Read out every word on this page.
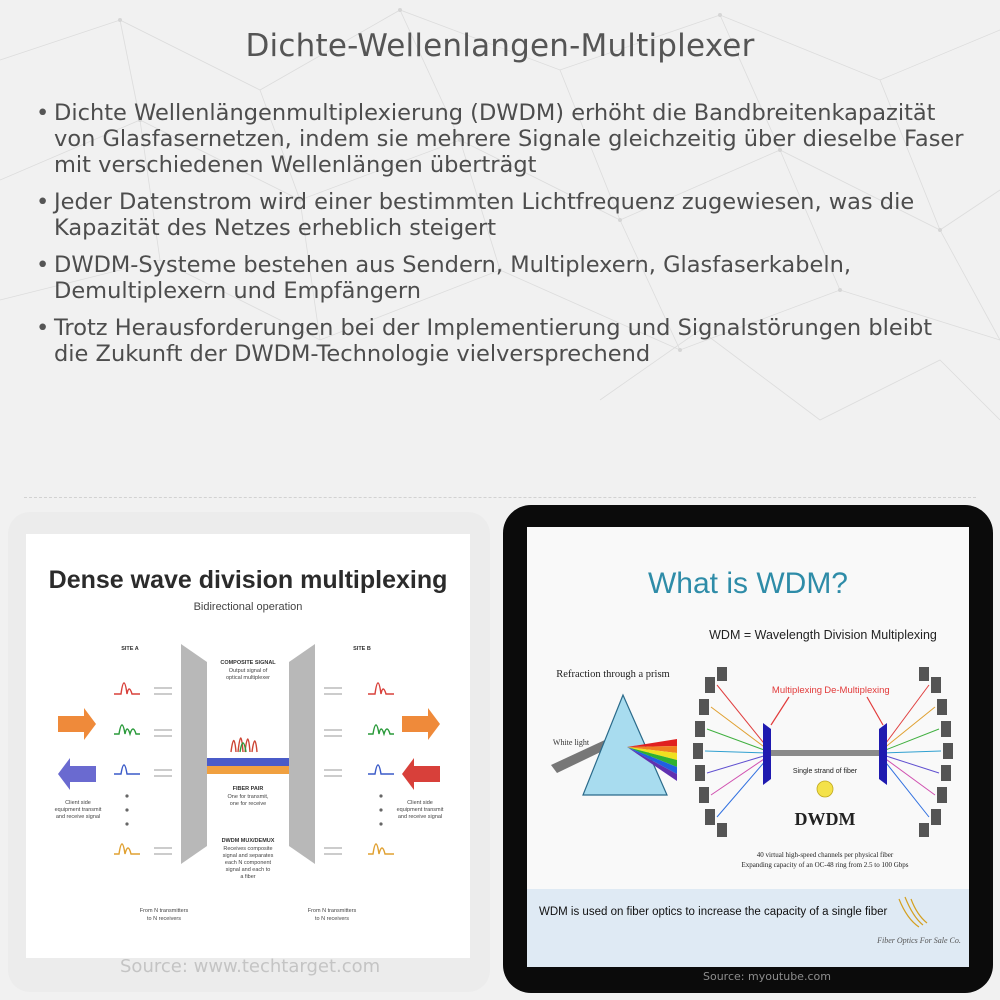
Dichte-Wellenlangen-Multiplexer
• Dichte Wellenlängenmultiplexierung (DWDM) erhöht die Bandbreitenkapazität von Glasfasernetzen, indem sie mehrere Signale gleichzeitig über dieselbe Faser mit verschiedenen Wellenlängen überträgt
• Jeder Datenstrom wird einer bestimmten Lichtfrequenz zugewiesen, was die Kapazität des Netzes erheblich steigert
• DWDM-Systeme bestehen aus Sendern, Multiplexern, Glasfaserkabeln, Demultiplexern und Empfängern
• Trotz Herausforderungen bei der Implementierung und Signalstörungen bleibt die Zukunft der DWDM-Technologie vielversprechend
Dense wave division multiplexing
Bidirectional operation
SITE A	SITE B
COMPOSITE SIGNAL
Output signal of
optical multiplexer
FIBER PAIR
One for transmit,
one for receive
DWDM MUX/DEMUX
Receives composite
signal and separates
each N component
signal and each to
a fiber
Client side
equipment transmit
and receive signal
Client side
equipment transmit
and receive signal
From N transmitters
to N receivers
From N transmitters
to N receivers
Source: www.techtarget.com
What is WDM?
WDM = Wavelength Division Multiplexing
Refraction through a prism
White light
Multiplexing De-Multiplexing
Single strand of fiber
DWDM
40 virtual high-speed channels per physical fiber
Expanding capacity of an OC-48 ring from 2.5 to 100 Gbps
WDM is used on fiber optics to increase the capacity of a single fiber
Fiber Optics For Sale Co.
Source: myoutube.com
